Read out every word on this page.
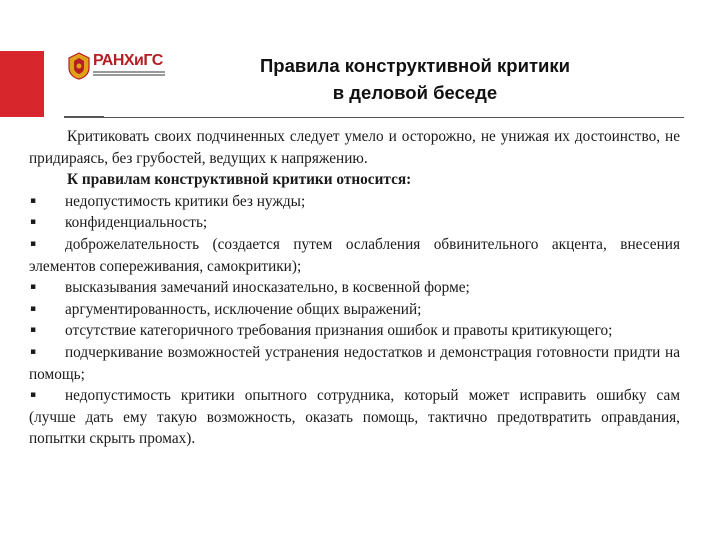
РАНХиГС	Правила конструктивной критики
в деловой беседе

Критиковать своих подчиненных следует умело и осторожно, не унижая их достоинство, не придираясь, без грубостей, ведущих к напряжению.

К правилам конструктивной критики относится:

▪ недопустимость критики без нужды;

▪ конфиденциальность;

▪ доброжелательность (создается путем ослабления обвинительного акцента, внесения элементов сопереживания, самокритики);

▪ высказывания замечаний иносказательно, в косвенной форме;

▪ аргументированность, исключение общих выражений;

▪ отсутствие категоричного требования признания ошибок и правоты критикующего;

▪ подчеркивание возможностей устранения недостатков и демонстрация готовности придти на помощь;

▪ недопустимость критики опытного сотрудника, который может исправить ошибку сам (лучше дать ему такую возможность, оказать помощь, тактично предотвратить оправдания, попытки скрыть промах).
